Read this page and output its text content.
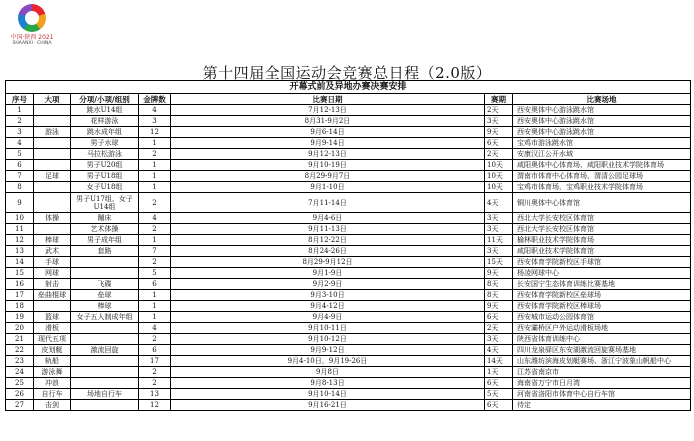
中国·陕西 2021
SHAANXI · CHINA
第十四届全国运动会竞赛总日程（2.0版）
开幕式前及异地办赛决赛安排						
序号	大项	分项/小项/组别	金牌数	比赛日期	赛期	比赛场地
1		跳水U14组	4	7月12-13日	2天	西安奥体中心游泳跳水馆
2		花样游泳	3	8月31-9月2日	3天	西安奥体中心游泳跳水馆
3	游泳	跳水成年组	12	9月6-14日	9天	西安奥体中心游泳跳水馆
4		男子水球	1	9月9-14日	6天	宝鸡市游泳跳水馆
5		马拉松游泳	2	9月12-13日	2天	安康汉江公开水域
6		男子U20组	1	9月10-19日	10天	咸阳奥体中心体育场、咸阳职业技术学院体育场
7	足球	男子U18组	1	8月29-9月7日	10天	渭南市体育中心体育场、渭清公园足球场
8		女子U18组	1	9月1-10日	10天	宝鸡市体育场、宝鸡职业技术学院体育场
9		男子U17组、女子U14组	2	7月11-14日	4天	铜川奥体中心体育馆
10	体操	蹦床	4	9月4-6日	3天	西北大学长安校区体育馆
11		艺术体操	2	9月11-13日	3天	西北大学长安校区体育馆
12	棒球	男子成年组	1	8月12-22日	11天	榆林职业技术学院体育场
13	武术	套路	7	8月24-26日	3天	咸阳职业技术学院体育馆
14	手球		2	8月29-9月12日	15天	西安体育学院新校区手球馆
15	网球		5	9月1-9日	9天	杨凌网球中心
16	射击	飞碟	6	9月2-9日	8天	长安国宁生态体育训练比赛基地
17	垒曲棍球	垒球	1	9月3-10日	8天	西安体育学院新校区垒球场
18		棒球	1	9月4-12日	9天	西安体育学院新校区棒球场
19	篮球	女子五人制成年组	1	9月4-9日	6天	西安城市运动公园体育馆
20	滑板		4	9月10-11日	2天	西安灞桥区户外运动滑板场地
21	现代五项		2	9月10-12日	3天	陕西省体育训练中心
22	皮划艇	激流回旋	6	9月9-12日	4天	四川龙泉驿区东安湖激流回旋赛场基地
23	轨船		17	9月4-10日，9月19-26日	14天	山东潍坊滨海皮划艇赛场、浙江宁波象山帆船中心
24	游泳舞		2	9月8日	1天	江苏省南京市
25	冲浪		2	9月8-13日	6天	海南省万宁市日月湾
26	自行车	场地自行车	13	9月10-14日	5天	河南省洛阳市体育中心自行车馆
27	击剑		12	9月16-21日	6天	待定
